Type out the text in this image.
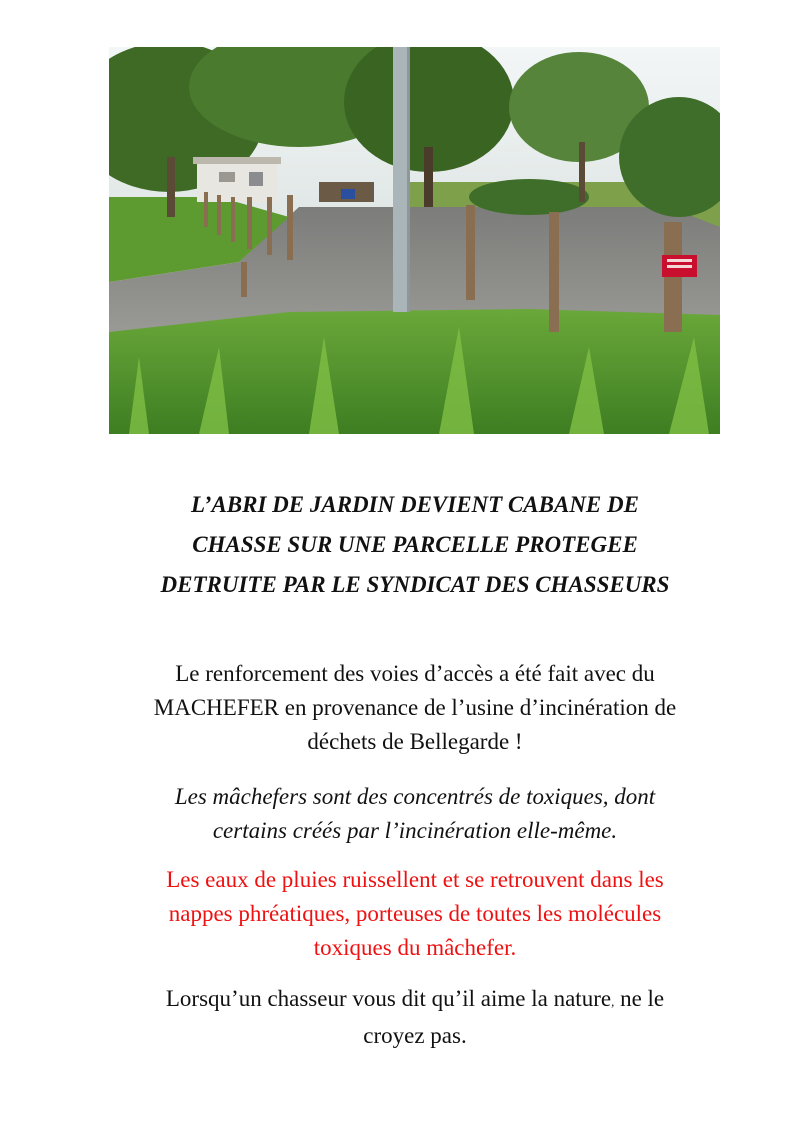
L’ABRI DE JARDIN DEVIENT CABANE DE
CHASSE SUR UNE PARCELLE PROTEGEE
DETRUITE PAR LE SYNDICAT DES CHASSEURS

Le renforcement des voies d’accès a été fait avec du
MACHEFER en provenance de l’usine d’incinération de
déchets de Bellegarde !

Les mâchefers sont des concentrés de toxiques, dont
certains créés par l’incinération elle-même.

Les eaux de pluies ruissellent et se retrouvent dans les
nappes phréatiques, porteuses de toutes les molécules
toxiques du mâchefer.

Lorsqu’un chasseur vous dit qu’il aime la nature, ne le
croyez pas.
